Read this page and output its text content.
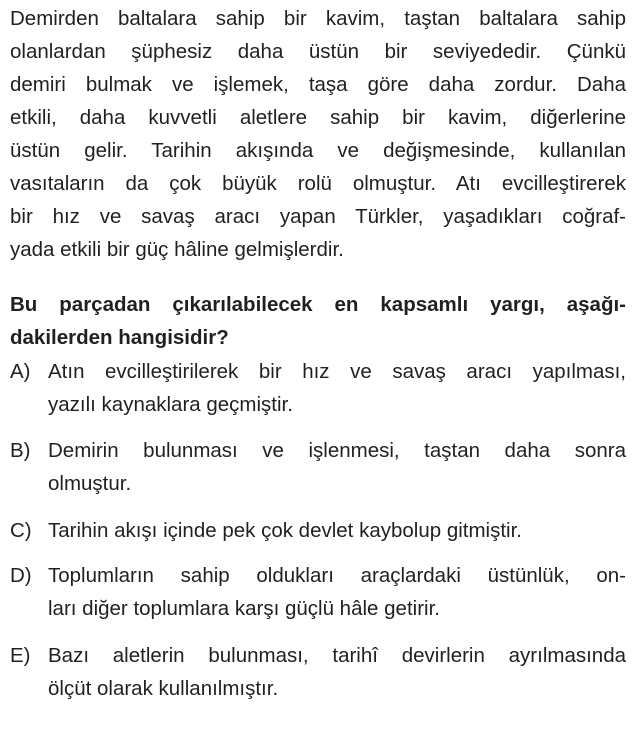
Demirden baltalara sahip bir kavim, taştan baltalara sahip
olanlardan şüphesiz daha üstün bir seviyededir. Çünkü
demiri bulmak ve işlemek, taşa göre daha zordur. Daha
etkili, daha kuvvetli aletlere sahip bir kavim, diğerlerine
üstün gelir. Tarihin akışında ve değişmesinde, kullanılan
vasıtaların da çok büyük rolü olmuştur. Atı evcilleştirerek
bir hız ve savaş aracı yapan Türkler, yaşadıkları coğraf-
yada etkili bir güç hâline gelmişlerdir.
Bu parçadan çıkarılabilecek en kapsamlı yargı, aşağı-
dakilerden hangisidir?
A) Atın evcilleştirilerek bir hız ve savaş aracı yapılması,
yazılı kaynaklara geçmiştir.
B) Demirin bulunması ve işlenmesi, taştan daha sonra
olmuştur.
C) Tarihin akışı içinde pek çok devlet kaybolup gitmiştir.
D) Toplumların sahip oldukları araçlardaki üstünlük, on-
ları diğer toplumlara karşı güçlü hâle getirir.
E) Bazı aletlerin bulunması, tarihî devirlerin ayrılmasında
ölçüt olarak kullanılmıştır.
